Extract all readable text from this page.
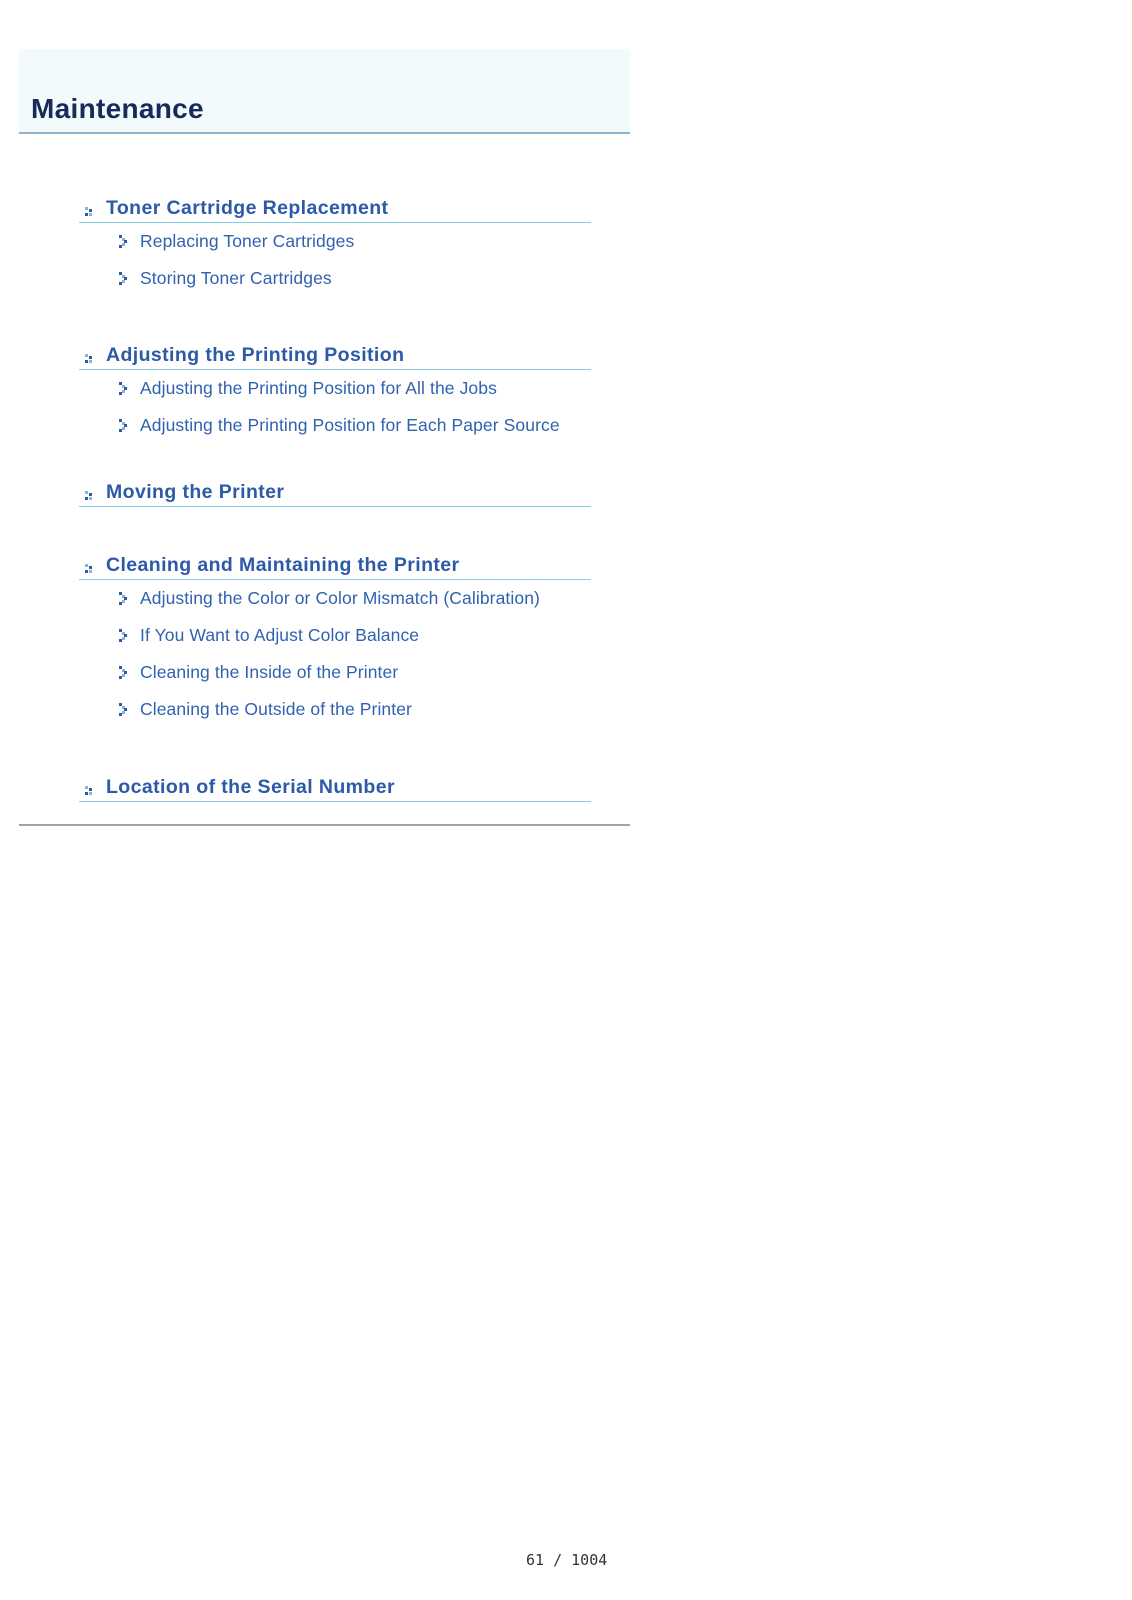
Maintenance
Toner Cartridge Replacement
Replacing Toner Cartridges
Storing Toner Cartridges
Adjusting the Printing Position
Adjusting the Printing Position for All the Jobs
Adjusting the Printing Position for Each Paper Source
Moving the Printer
Cleaning and Maintaining the Printer
Adjusting the Color or Color Mismatch (Calibration)
If You Want to Adjust Color Balance
Cleaning the Inside of the Printer
Cleaning the Outside of the Printer
Location of the Serial Number
61 / 1004
